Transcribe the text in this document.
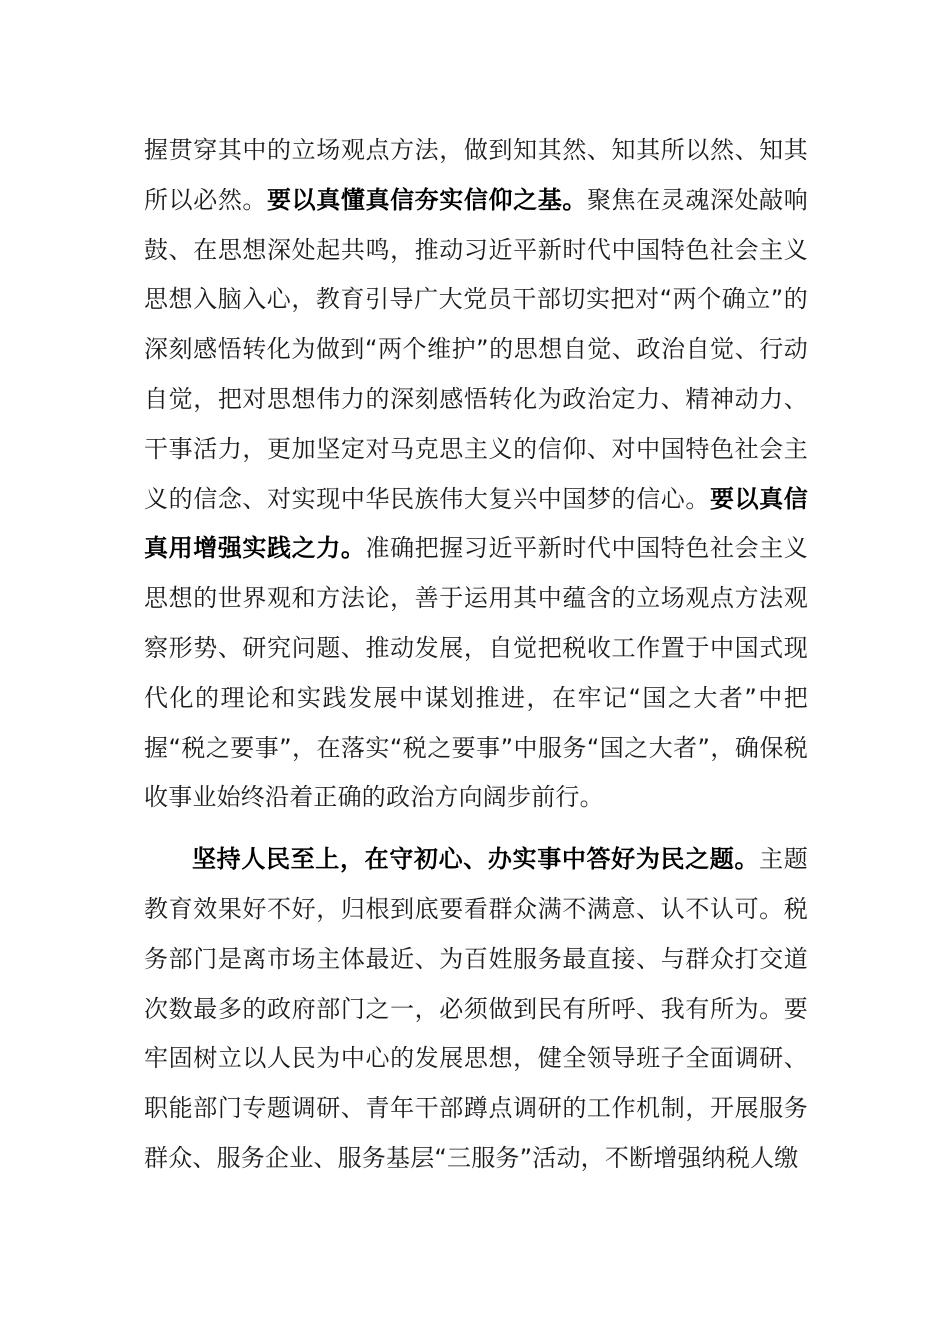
握贯穿其中的立场观点方法，做到知其然、知其所以然、知其所以必然。要以真懂真信夯实信仰之基。聚焦在灵魂深处敲响鼓、在思想深处起共鸣，推动习近平新时代中国特色社会主义思想入脑入心，教育引导广大党员干部切实把对“两个确立”的深刻感悟转化为做到“两个维护”的思想自觉、政治自觉、行动自觉，把对思想伟力的深刻感悟转化为政治定力、精神动力、干事活力，更加坚定对马克思主义的信仰、对中国特色社会主义的信念、对实现中华民族伟大复兴中国梦的信心。要以真信真用增强实践之力。准确把握习近平新时代中国特色社会主义思想的世界观和方法论，善于运用其中蕴含的立场观点方法观察形势、研究问题、推动发展，自觉把税收工作置于中国式现代化的理论和实践发展中谋划推进，在牢记“国之大者”中把握“税之要事”，在落实“税之要事”中服务“国之大者”，确保税收事业始终沿着正确的政治方向阔步前行。

坚持人民至上，在守初心、办实事中答好为民之题。主题教育效果好不好，归根到底要看群众满不满意、认不认可。税务部门是离市场主体最近、为百姓服务最直接、与群众打交道次数最多的政府部门之一，必须做到民有所呼、我有所为。要牢固树立以人民为中心的发展思想，健全领导班子全面调研、职能部门专题调研、青年干部蹲点调研的工作机制，开展服务群众、服务企业、服务基层“三服务”活动，不断增强纳税人缴
